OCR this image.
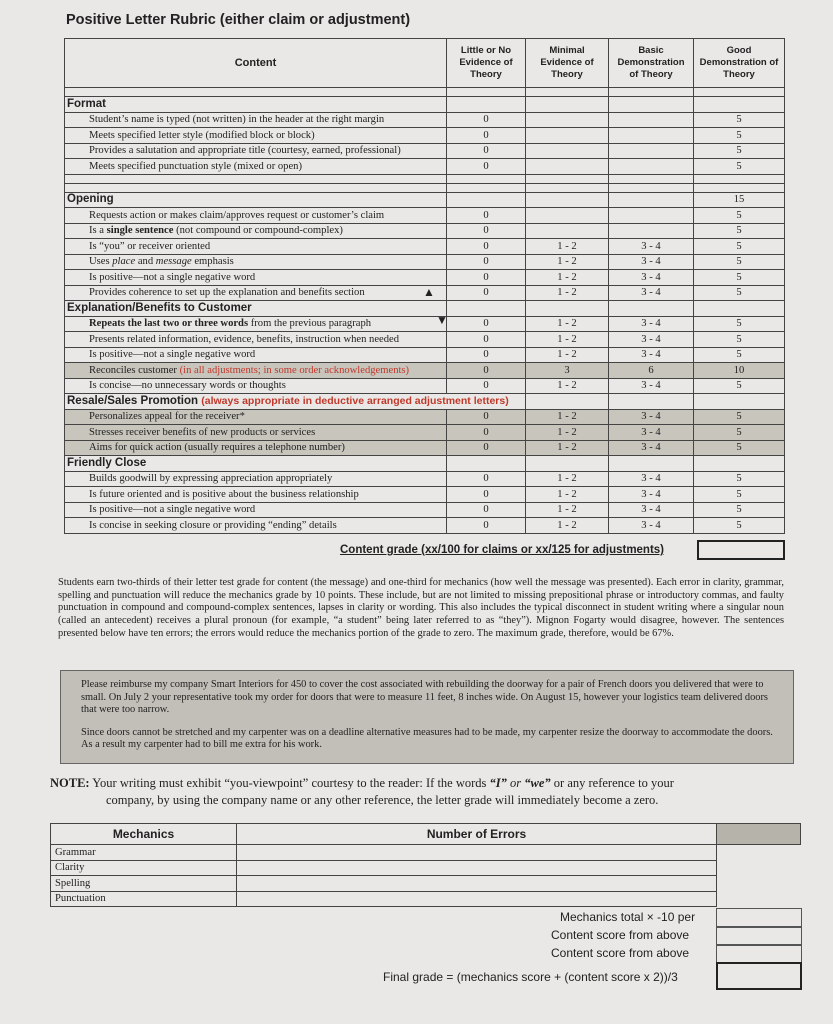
Positive Letter Rubric (either claim or adjustment)
Content	Little or No Evidence of Theory	Minimal Evidence of Theory	Basic Demonstration of Theory	Good Demonstration of Theory

Format				
Student’s name is typed (not written) in the header at the right margin	0			5
Meets specified letter style (modified block or block)	0			5
Provides a salutation and appropriate title (courtesy, earned, professional)	0			5
Meets specified punctuation style (mixed or open)	0			5

Opening				15
Requests action or makes claim/approves request or customer’s claim	0			5
Is a single sentence (not compound or compound-complex)	0			5
Is “you” or receiver oriented	0	1 - 2	3 - 4	5
Uses place and message emphasis	0	1 - 2	3 - 4	5
Is positive—not a single negative word	0	1 - 2	3 - 4	5
Provides coherence to set up the explanation and benefits section	0	1 - 2	3 - 4	5
Explanation/Benefits to Customer				
Repeats the last two or three words from the previous paragraph	0	1 - 2	3 - 4	5
Presents related information, evidence, benefits, instruction when needed	0	1 - 2	3 - 4	5
Is positive—not a single negative word	0	1 - 2	3 - 4	5
Reconciles customer (in all adjustments; in some order acknowledgements)	0	3	6	10
Is concise—no unnecessary words or thoughts	0	1 - 2	3 - 4	5
Resale/Sales Promotion (always appropriate in deductive arranged adjustment letters)				
Personalizes appeal for the receiver*	0	1 - 2	3 - 4	5
Stresses receiver benefits of new products or services	0	1 - 2	3 - 4	5
Aims for quick action (usually requires a telephone number)	0	1 - 2	3 - 4	5
Friendly Close				
Builds goodwill by expressing appreciation appropriately	0	1 - 2	3 - 4	5
Is future oriented and is positive about the business relationship	0	1 - 2	3 - 4	5
Is positive—not a single negative word	0	1 - 2	3 - 4	5
Is concise in seeking closure or providing “ending” details	0	1 - 2	3 - 4	5
▲
▼
Content grade (xx/100 for claims or xx/125 for adjustments)
Students earn two-thirds of their letter test grade for content (the message) and one-third for mechanics (how well the message was presented). Each error in clarity, grammar, spelling and punctuation will reduce the mechanics grade by 10 points. These include, but are not limited to missing prepositional phrase or introductory commas, and faulty punctuation in compound and compound-complex sentences, lapses in clarity or wording. This also includes the typical disconnect in student writing where a singular noun (called an antecedent) receives a plural pronoun (for example, “a student” being later referred to as “they”). Mignon Fogarty would disagree, however. The sentences presented below have ten errors; the errors would reduce the mechanics portion of the grade to zero. The maximum grade, therefore, would be 67%.

Please reimburse my company Smart Interiors for 450 to cover the cost associated with rebuilding the doorway for a pair of French doors you delivered that were to small. On July 2 your representative took my order for doors that were to measure 11 feet, 8 inches wide. On August 15, however your logistics team delivered doors that were too narrow.

Since doors cannot be stretched and my carpenter was on a deadline alternative measures had to be made, my carpenter resize the doorway to accommodate the doors. As a result my carpenter had to bill me extra for his work.

NOTE: Your writing must exhibit “you-viewpoint” courtesy to the reader: If the words “I” or “we” or any reference to your
company, by using the company name or any other reference, the letter grade will immediately become a zero.
Mechanics	Number of Errors	
Grammar		
Clarity		
Spelling		
Punctuation		
Mechanics total × -10 per
Content score from above
Content score from above
Final grade = (mechanics score + (content score x 2))/3
